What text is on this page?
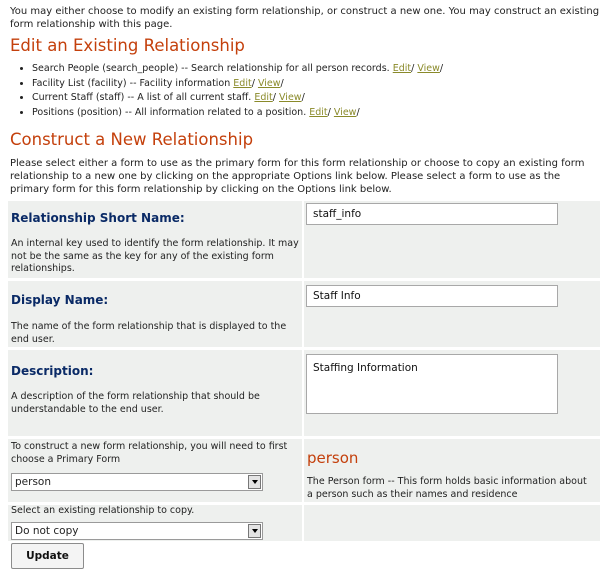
You may either choose to modify an existing form relationship, or construct a new one. You may construct an existing form relationship with this page.
Edit an Existing Relationship
• Search People (search_people) -- Search relationship for all person records. Edit/ View/
• Facility List (facility) -- Facility information Edit/ View/
• Current Staff (staff) -- A list of all current staff. Edit/ View/
• Positions (position) -- All information related to a position. Edit/ View/
Construct a New Relationship
Please select either a form to use as the primary form for this form relationship or choose to copy an existing form relationship to a new one by clicking on the appropriate Options link below. Please select a form to use as the primary form for this form relationship by clicking on the Options link below.
Relationship Short Name:
An internal key used to identify the form relationship. It may not be the same as the key for any of the existing form relationships.
staff_info
Display Name:
The name of the form relationship that is displayed to the end user.
Staff Info
Description:
A description of the form relationship that should be understandable to the end user.
Staffing Information
To construct a new form relationship, you will need to first choose a Primary Form
person
person
The Person form -- This form holds basic information about a person such as their names and residence
Select an existing relationship to copy.
Do not copy
Update
